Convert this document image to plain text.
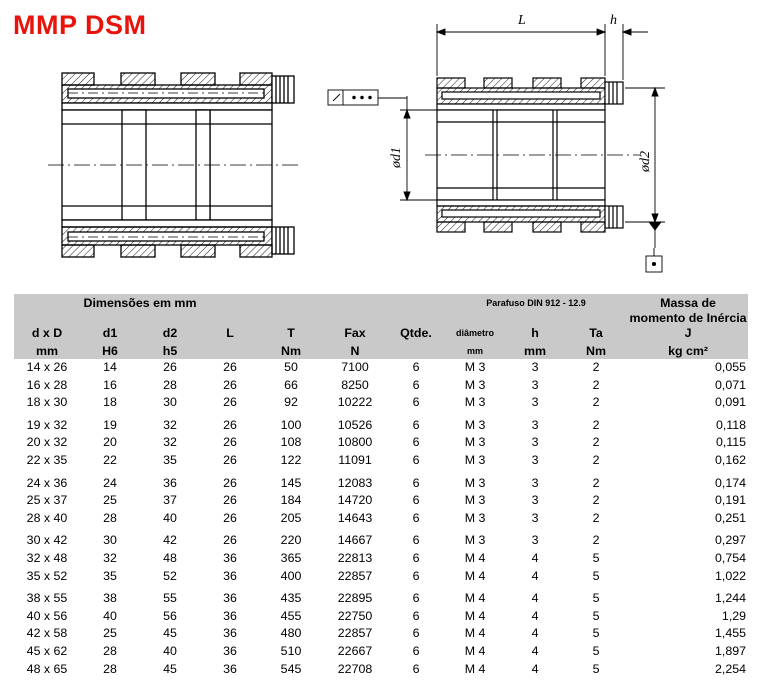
MMP DSM	L	h
ød1	ød2
	Dimensões em mm						Parafuso DIN 912 - 12.9			Massa de
d x D	d1	d2	L	T	Fax	Qtde.	diâmetro	h	Ta	momento de Inércia J
mm	H6	h5		Nm	N		mm	mm	Nm	kg cm²
14 x 26	14	26	26	50	7100	6	M 3	3	2	0,055
16 x 28	16	28	26	66	8250	6	M 3	3	2	0,071
18 x 30	18	30	26	92	10222	6	M 3	3	2	0,091
19 x 32	19	32	26	100	10526	6	M 3	3	2	0,118
20 x 32	20	32	26	108	10800	6	M 3	3	2	0,115
22 x 35	22	35	26	122	11091	6	M 3	3	2	0,162
24 x 36	24	36	26	145	12083	6	M 3	3	2	0,174
25 x 37	25	37	26	184	14720	6	M 3	3	2	0,191
28 x 40	28	40	26	205	14643	6	M 3	3	2	0,251
30 x 42	30	42	26	220	14667	6	M 3	3	2	0,297
32 x 48	32	48	36	365	22813	6	M 4	4	5	0,754
35 x 52	35	52	36	400	22857	6	M 4	4	5	1,022
38 x 55	38	55	36	435	22895	6	M 4	4	5	1,244
40 x 56	40	56	36	455	22750	6	M 4	4	5	1,29
42 x 58	25	45	36	480	22857	6	M 4	4	5	1,455
45 x 62	28	40	36	510	22667	6	M 4	4	5	1,897
48 x 65	28	45	36	545	22708	6	M 4	4	5	2,254
